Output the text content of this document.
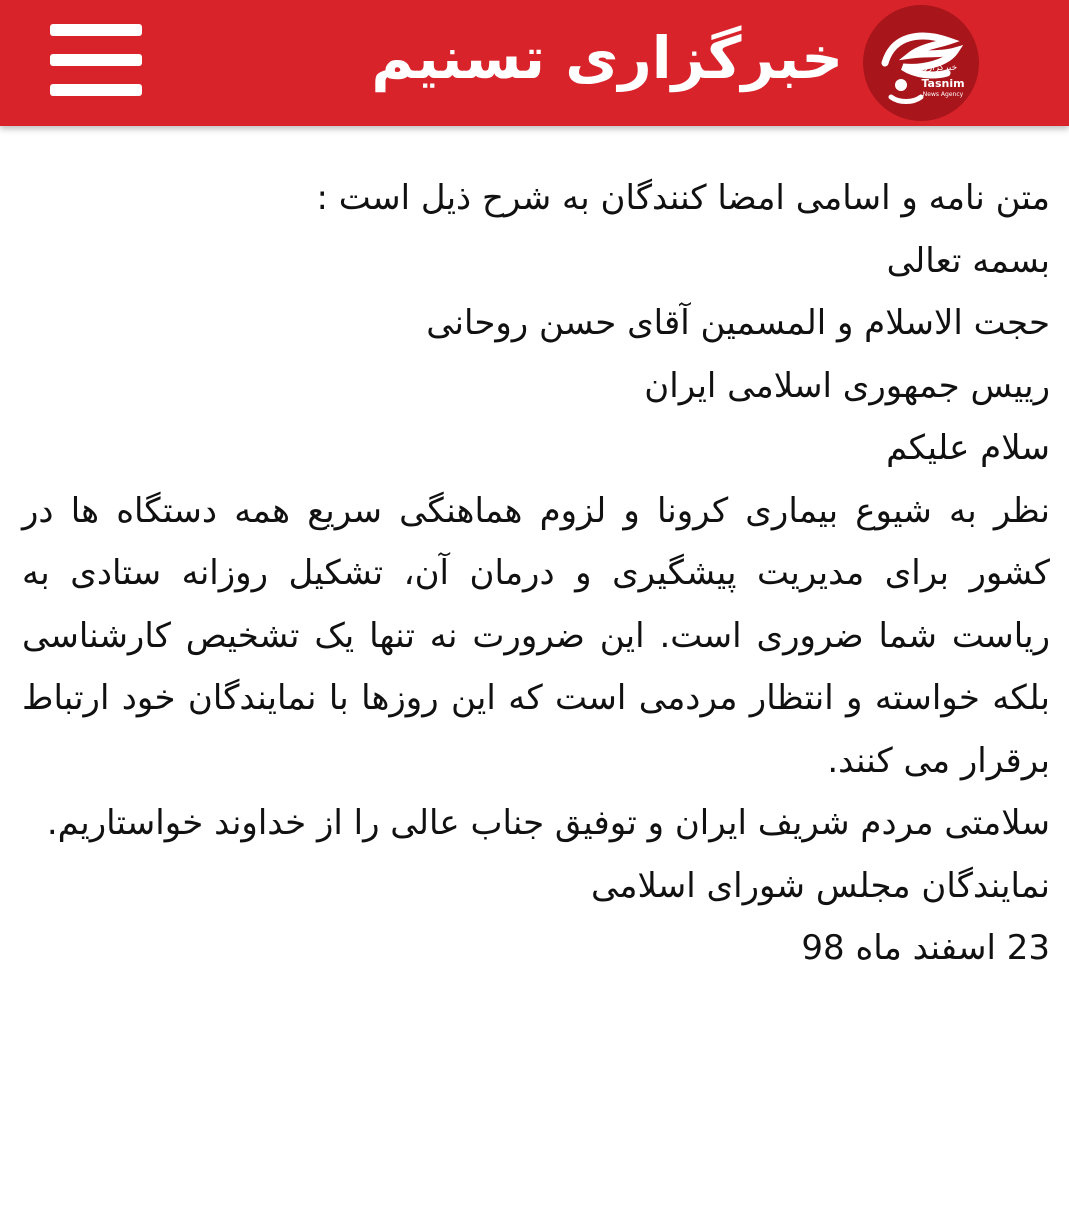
خبرگزاری تسنیم	خبرگزاری
Tasnim
News Agency

متن نامه و اسامی امضا کنندگان به شرح ذیل است :

بسمه تعالی

حجت الاسلام و المسمین آقای حسن روحانی

رییس جمهوری اسلامی ایران

سلام علیکم

نظر به شیوع بیماری کرونا و لزوم هماهنگی سریع همه دستگاه ها در کشور برای مدیریت پیشگیری و درمان آن، تشکیل روزانه ستادی به ریاست شما ضروری است. این ضرورت نه تنها یک تشخیص کارشناسی بلکه خواسته و انتظار مردمی است که این روزها با نمایندگان خود ارتباط برقرار می کنند.

سلامتی مردم شریف ایران و توفیق جناب عالی را از خداوند خواستاریم.

نمایندگان مجلس شورای اسلامی

23 اسفند ماه 98
